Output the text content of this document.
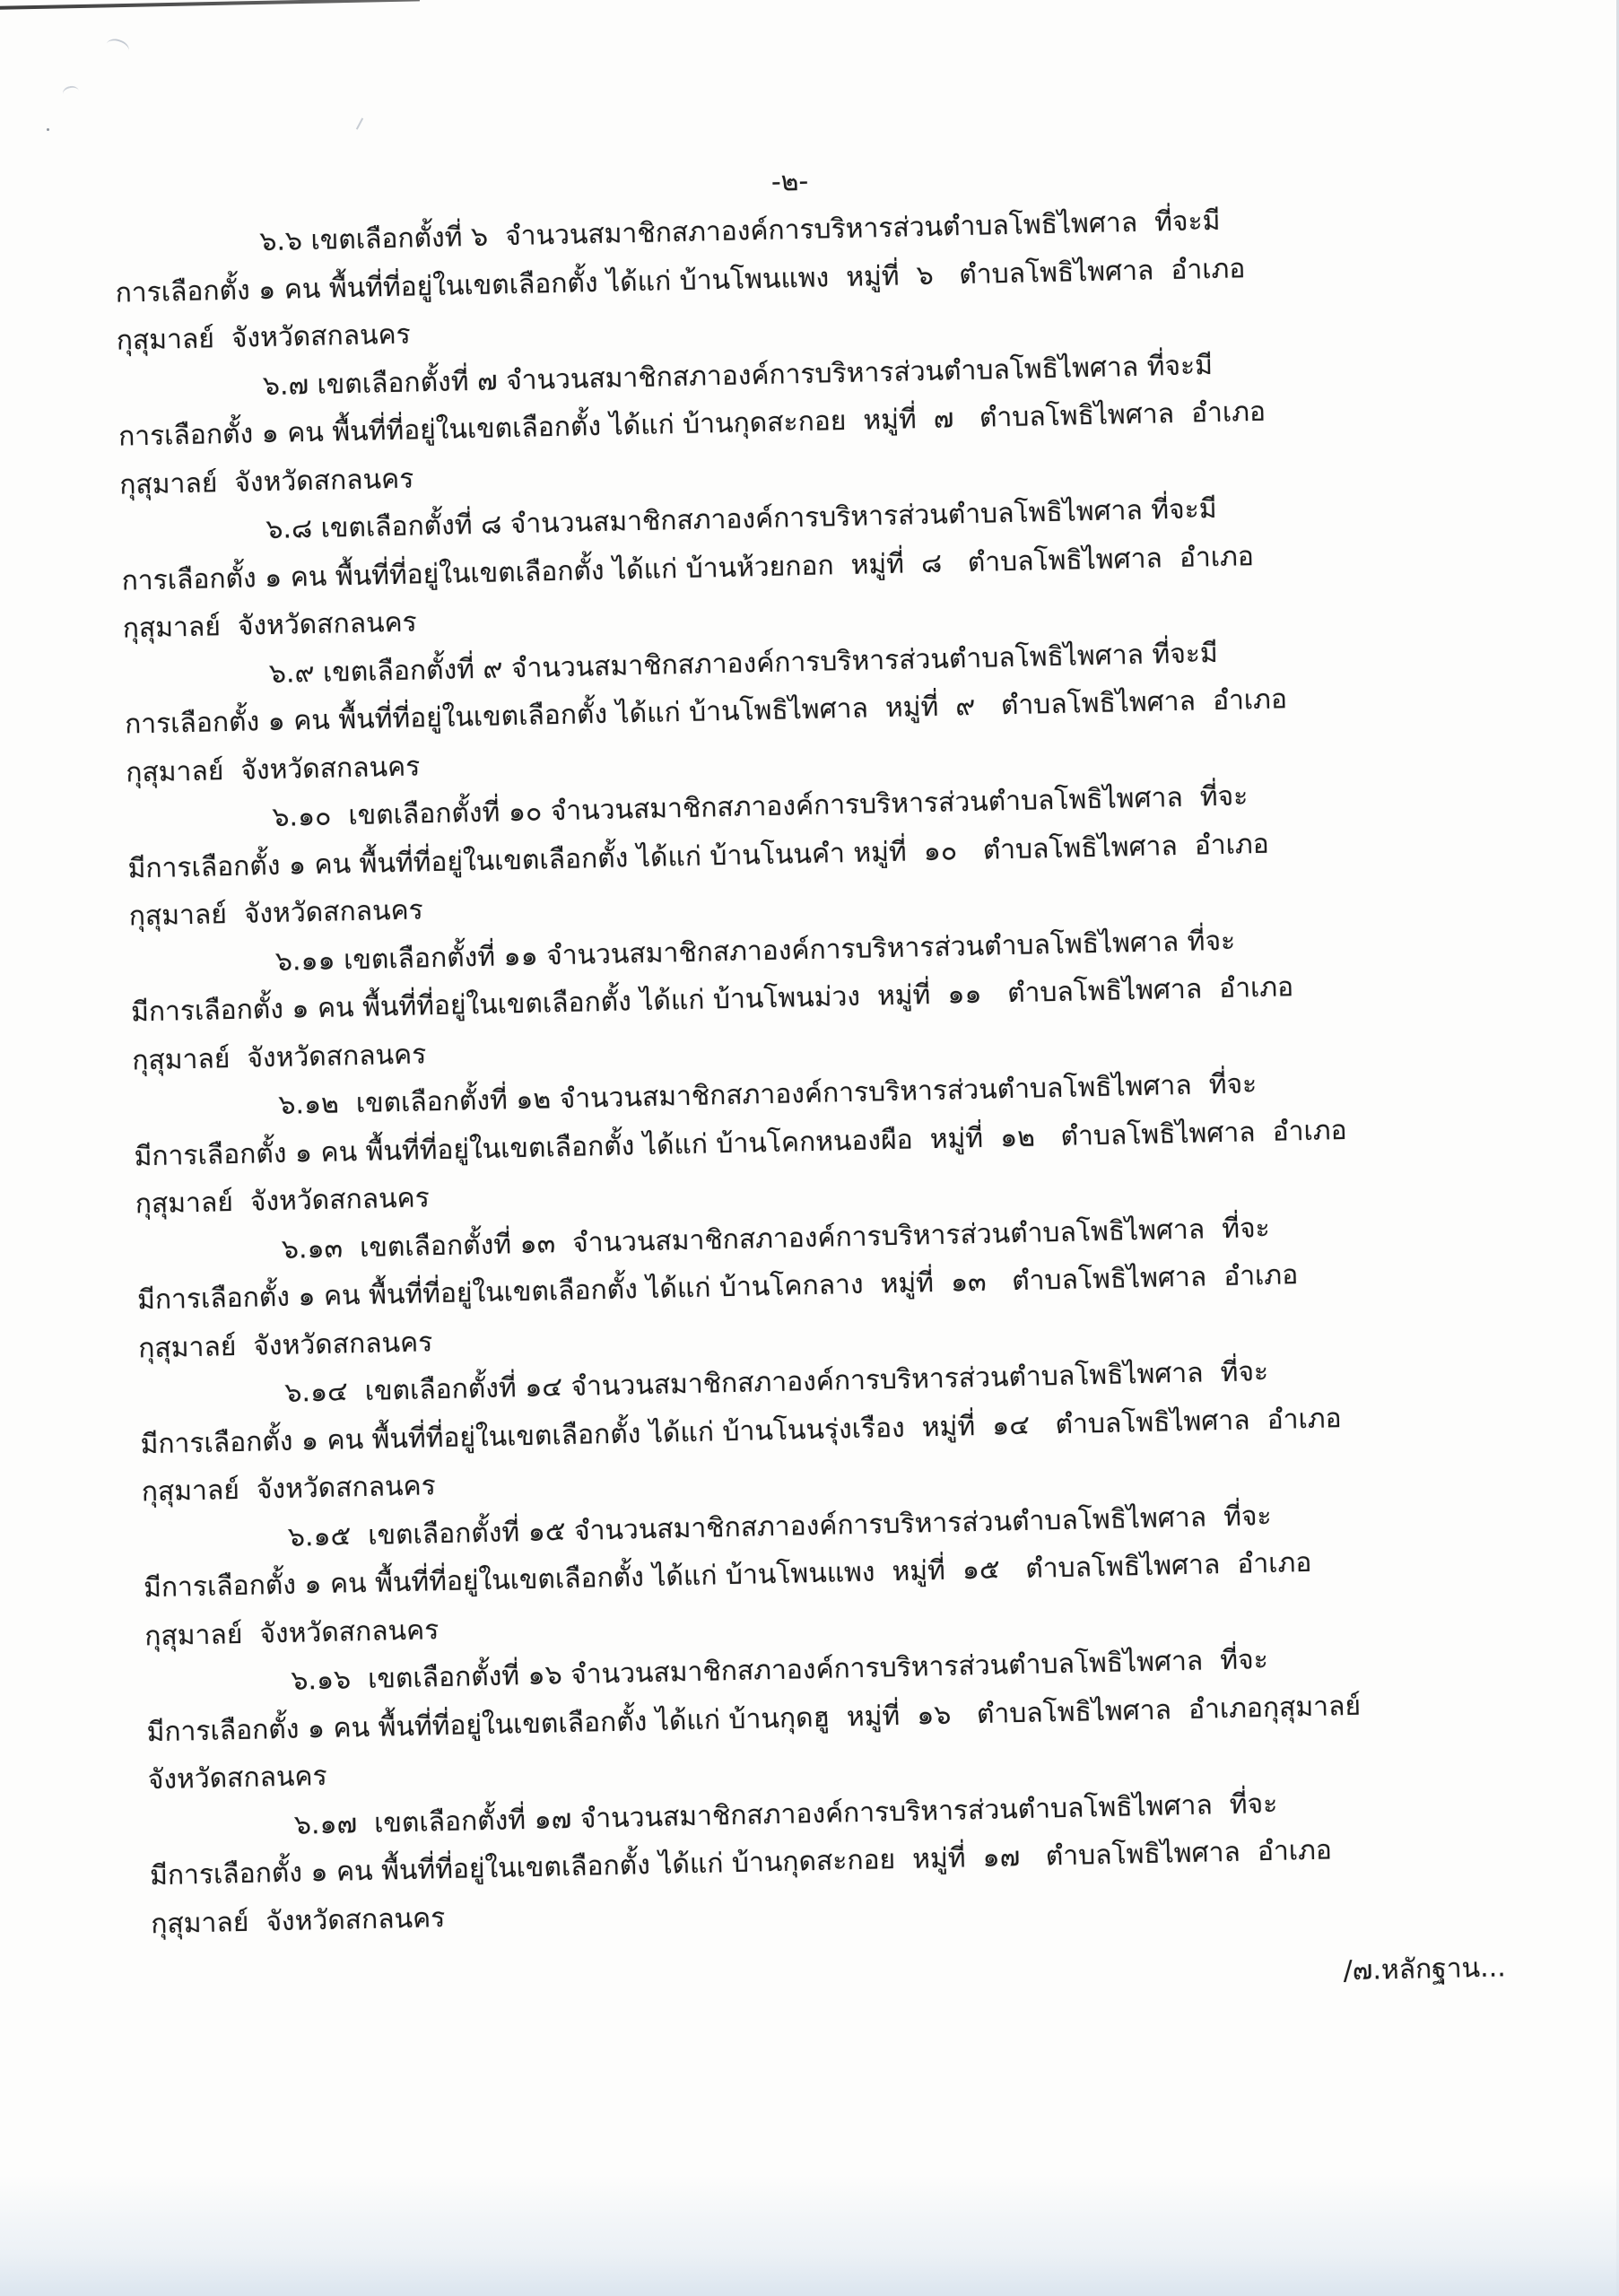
-๒-
๖.๖ เขตเลือกตั้งที่ ๖  จำนวนสมาชิกสภาองค์การบริหารส่วนตำบลโพธิไพศาล  ที่จะมี
การเลือกตั้ง ๑ คน พื้นที่ที่อยู่ในเขตเลือกตั้ง ได้แก่ บ้านโพนแพง  หมู่ที่  ๖   ตำบลโพธิไพศาล  อำเภอ
กุสุมาลย์  จังหวัดสกลนคร
๖.๗ เขตเลือกตั้งที่ ๗ จำนวนสมาชิกสภาองค์การบริหารส่วนตำบลโพธิไพศาล ที่จะมี
การเลือกตั้ง ๑ คน พื้นที่ที่อยู่ในเขตเลือกตั้ง ได้แก่ บ้านกุดสะกอย  หมู่ที่  ๗   ตำบลโพธิไพศาล  อำเภอ
กุสุมาลย์  จังหวัดสกลนคร
๖.๘ เขตเลือกตั้งที่ ๘ จำนวนสมาชิกสภาองค์การบริหารส่วนตำบลโพธิไพศาล ที่จะมี
การเลือกตั้ง ๑ คน พื้นที่ที่อยู่ในเขตเลือกตั้ง ได้แก่ บ้านห้วยกอก  หมู่ที่  ๘   ตำบลโพธิไพศาล  อำเภอ
กุสุมาลย์  จังหวัดสกลนคร
๖.๙ เขตเลือกตั้งที่ ๙ จำนวนสมาชิกสภาองค์การบริหารส่วนตำบลโพธิไพศาล ที่จะมี
การเลือกตั้ง ๑ คน พื้นที่ที่อยู่ในเขตเลือกตั้ง ได้แก่ บ้านโพธิไพศาล  หมู่ที่  ๙   ตำบลโพธิไพศาล  อำเภอ
กุสุมาลย์  จังหวัดสกลนคร
๖.๑๐  เขตเลือกตั้งที่ ๑๐ จำนวนสมาชิกสภาองค์การบริหารส่วนตำบลโพธิไพศาล  ที่จะ
มีการเลือกตั้ง ๑ คน พื้นที่ที่อยู่ในเขตเลือกตั้ง ได้แก่ บ้านโนนคำ หมู่ที่  ๑๐   ตำบลโพธิไพศาล  อำเภอ
กุสุมาลย์  จังหวัดสกลนคร
๖.๑๑ เขตเลือกตั้งที่ ๑๑ จำนวนสมาชิกสภาองค์การบริหารส่วนตำบลโพธิไพศาล ที่จะ
มีการเลือกตั้ง ๑ คน พื้นที่ที่อยู่ในเขตเลือกตั้ง ได้แก่ บ้านโพนม่วง  หมู่ที่  ๑๑   ตำบลโพธิไพศาล  อำเภอ
กุสุมาลย์  จังหวัดสกลนคร
๖.๑๒  เขตเลือกตั้งที่ ๑๒ จำนวนสมาชิกสภาองค์การบริหารส่วนตำบลโพธิไพศาล  ที่จะ
มีการเลือกตั้ง ๑ คน พื้นที่ที่อยู่ในเขตเลือกตั้ง ได้แก่ บ้านโคกหนองผือ  หมู่ที่  ๑๒   ตำบลโพธิไพศาล  อำเภอ
กุสุมาลย์  จังหวัดสกลนคร
๖.๑๓  เขตเลือกตั้งที่ ๑๓  จำนวนสมาชิกสภาองค์การบริหารส่วนตำบลโพธิไพศาล  ที่จะ
มีการเลือกตั้ง ๑ คน พื้นที่ที่อยู่ในเขตเลือกตั้ง ได้แก่ บ้านโคกลาง  หมู่ที่  ๑๓   ตำบลโพธิไพศาล  อำเภอ
กุสุมาลย์  จังหวัดสกลนคร
๖.๑๔  เขตเลือกตั้งที่ ๑๔ จำนวนสมาชิกสภาองค์การบริหารส่วนตำบลโพธิไพศาล  ที่จะ
มีการเลือกตั้ง ๑ คน พื้นที่ที่อยู่ในเขตเลือกตั้ง ได้แก่ บ้านโนนรุ่งเรือง  หมู่ที่  ๑๔   ตำบลโพธิไพศาล  อำเภอ
กุสุมาลย์  จังหวัดสกลนคร
๖.๑๕  เขตเลือกตั้งที่ ๑๕ จำนวนสมาชิกสภาองค์การบริหารส่วนตำบลโพธิไพศาล  ที่จะ
มีการเลือกตั้ง ๑ คน พื้นที่ที่อยู่ในเขตเลือกตั้ง ได้แก่ บ้านโพนแพง  หมู่ที่  ๑๕   ตำบลโพธิไพศาล  อำเภอ
กุสุมาลย์  จังหวัดสกลนคร
๖.๑๖  เขตเลือกตั้งที่ ๑๖ จำนวนสมาชิกสภาองค์การบริหารส่วนตำบลโพธิไพศาล  ที่จะ
มีการเลือกตั้ง ๑ คน พื้นที่ที่อยู่ในเขตเลือกตั้ง ได้แก่ บ้านกุดฮู  หมู่ที่  ๑๖   ตำบลโพธิไพศาล  อำเภอกุสุมาลย์
จังหวัดสกลนคร
๖.๑๗  เขตเลือกตั้งที่ ๑๗ จำนวนสมาชิกสภาองค์การบริหารส่วนตำบลโพธิไพศาล  ที่จะ
มีการเลือกตั้ง ๑ คน พื้นที่ที่อยู่ในเขตเลือกตั้ง ได้แก่ บ้านกุดสะกอย  หมู่ที่  ๑๗   ตำบลโพธิไพศาล  อำเภอ
กุสุมาลย์  จังหวัดสกลนคร
/๗.หลักฐาน...
